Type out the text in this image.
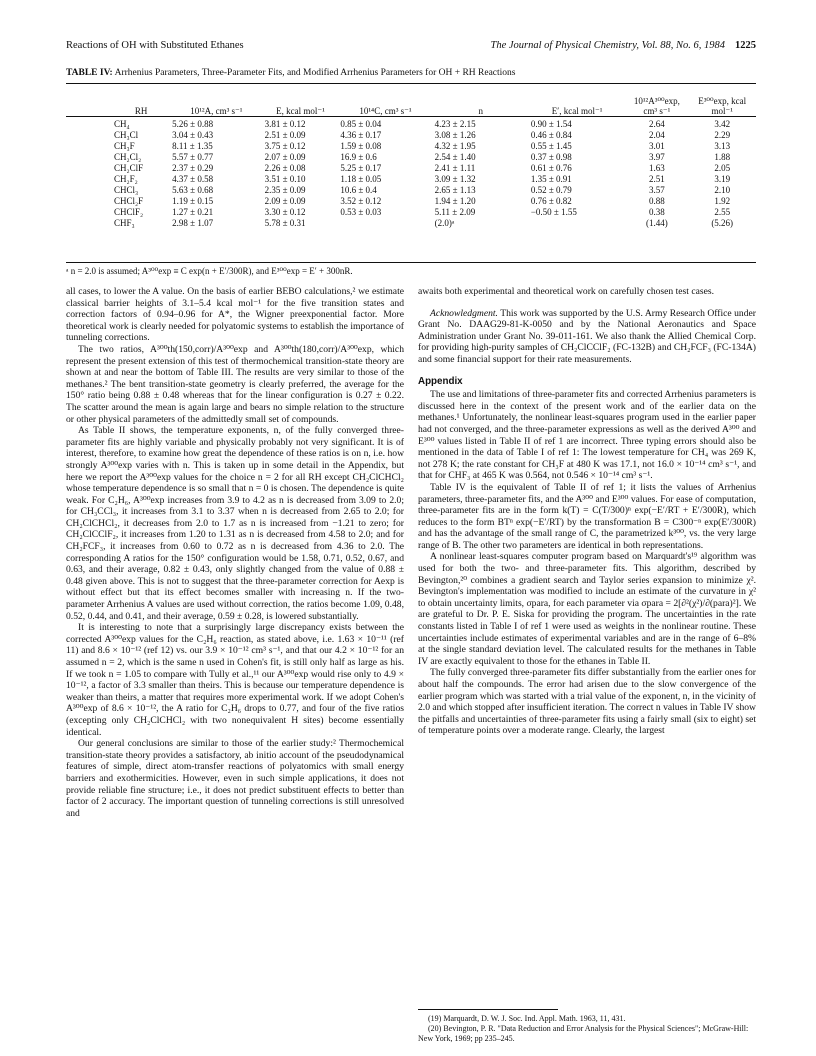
Reactions of OH with Substituted Ethanes	The Journal of Physical Chemistry, Vol. 88, No. 6, 1984 1225
TABLE IV: Arrhenius Parameters, Three-Parameter Fits, and Modified Arrhenius Parameters for OH + RH Reactions
RH	10¹²A, cm³ s⁻¹	E, kcal mol⁻¹	10¹⁴C, cm³ s⁻¹	n	E′, kcal mol⁻¹	10¹²A³⁰⁰exp, cm³ s⁻¹	E³⁰⁰exp, kcal mol⁻¹
CH₄	5.26 ± 0.88	3.81 ± 0.12	0.85 ± 0.04	4.23 ± 2.15	0.90 ± 1.54	2.64	3.42
CH₃Cl	3.04 ± 0.43	2.51 ± 0.09	4.36 ± 0.17	3.08 ± 1.26	0.46 ± 0.84	2.04	2.29
CH₃F	8.11 ± 1.35	3.75 ± 0.12	1.59 ± 0.08	4.32 ± 1.95	0.55 ± 1.45	3.01	3.13
CH₂Cl₂	5.57 ± 0.77	2.07 ± 0.09	16.9 ± 0.6	2.54 ± 1.40	0.37 ± 0.98	3.97	1.88
CH₂ClF	2.37 ± 0.29	2.26 ± 0.08	5.25 ± 0.17	2.41 ± 1.11	0.61 ± 0.76	1.63	2.05
CH₂F₂	4.37 ± 0.58	3.51 ± 0.10	1.18 ± 0.05	3.09 ± 1.32	1.35 ± 0.91	2.51	3.19
CHCl₃	5.63 ± 0.68	2.35 ± 0.09	10.6 ± 0.4	2.65 ± 1.13	0.52 ± 0.79	3.57	2.10
CHCl₂F	1.19 ± 0.15	2.09 ± 0.09	3.52 ± 0.12	1.94 ± 1.20	0.76 ± 0.82	0.88	1.92
CHClF₂	1.27 ± 0.21	3.30 ± 0.12	0.53 ± 0.03	5.11 ± 2.09	−0.50 ± 1.55	0.38	2.55
CHF₃	2.98 ± 1.07	5.78 ± 0.31		(2.0)ᵃ		(1.44)	(5.26)
ᵃ n = 2.0 is assumed; A³⁰⁰exp ≡ C exp(n + E′/300R), and E³⁰⁰exp = E′ + 300nR.

all cases, to lower the A value. On the basis of earlier BEBO calculations,² we estimate classical barrier heights of 3.1–5.4 kcal mol⁻¹ for the five transition states and correction factors of 0.94–0.96 for A*, the Wigner preexponential factor. More theoretical work is clearly needed for polyatomic systems to establish the importance of tunneling corrections.

The two ratios, A³⁰⁰th(150,corr)/A³⁰⁰exp and A³⁰⁰th(180,corr)/A³⁰⁰exp, which represent the present extension of this test of thermochemical transition-state theory are shown at and near the bottom of Table III. The results are very similar to those of the methanes.² The bent transition-state geometry is clearly preferred, the average for the 150° ratio being 0.88 ± 0.48 whereas that for the linear configuration is 0.27 ± 0.22. The scatter around the mean is again large and bears no simple relation to the structure or other physical parameters of the admittedly small set of compounds.

As Table II shows, the temperature exponents, n, of the fully converged three-parameter fits are highly variable and physically probably not very significant. It is of interest, therefore, to examine how great the dependence of these ratios is on n, i.e. how strongly A³⁰⁰exp varies with n. This is taken up in some detail in the Appendix, but here we report the A³⁰⁰exp values for the choice n = 2 for all RH except CH₂ClCHCl₂ whose temperature dependence is so small that n = 0 is chosen. The dependence is quite weak. For C₂H₆, A³⁰⁰exp increases from 3.9 to 4.2 as n is decreased from 3.09 to 2.0; for CH₃CCl₃, it increases from 3.1 to 3.37 when n is decreased from 2.65 to 2.0; for CH₂ClCHCl₂, it decreases from 2.0 to 1.7 as n is increased from −1.21 to zero; for CH₂ClCClF₂, it increases from 1.20 to 1.31 as n is decreased from 4.58 to 2.0; and for CH₂FCF₃, it increases from 0.60 to 0.72 as n is decreased from 4.36 to 2.0. The corresponding A ratios for the 150° configuration would be 1.58, 0.71, 0.52, 0.67, and 0.63, and their average, 0.82 ± 0.43, only slightly changed from the value of 0.88 ± 0.48 given above. This is not to suggest that the three-parameter correction for Aexp is without effect but that its effect becomes smaller with increasing n. If the two-parameter Arrhenius A values are used without correction, the ratios become 1.09, 0.48, 0.52, 0.44, and 0.41, and their average, 0.59 ± 0.28, is lowered substantially.

It is interesting to note that a surprisingly large discrepancy exists between the corrected A³⁰⁰exp values for the C₂H₆ reaction, as stated above, i.e. 1.63 × 10⁻¹¹ (ref 11) and 8.6 × 10⁻¹² (ref 12) vs. our 3.9 × 10⁻¹² cm³ s⁻¹, and that our 4.2 × 10⁻¹² for an assumed n = 2, which is the same n used in Cohen's fit, is still only half as large as his. If we took n = 1.05 to compare with Tully et al.,¹¹ our A³⁰⁰exp would rise only to 4.9 × 10⁻¹², a factor of 3.3 smaller than theirs. This is because our temperature dependence is weaker than theirs, a matter that requires more experimental work. If we adopt Cohen's A³⁰⁰exp of 8.6 × 10⁻¹², the A ratio for C₂H₆ drops to 0.77, and four of the five ratios (excepting only CH₂ClCHCl₂ with two nonequivalent H sites) become essentially identical.

Our general conclusions are similar to those of the earlier study:² Thermochemical transition-state theory provides a satisfactory, ab initio account of the pseudodynamical features of simple, direct atom-transfer reactions of polyatomics with small energy barriers and exothermicities. However, even in such simple applications, it does not provide reliable fine structure; i.e., it does not predict substituent effects to better than factor of 2 accuracy. The important question of tunneling corrections is still unresolved and

awaits both experimental and theoretical work on carefully chosen test cases.

Acknowledgment. This work was supported by the U.S. Army Research Office under Grant No. DAAG29-81-K-0050 and by the National Aeronautics and Space Administration under Grant No. 39-011-161. We also thank the Allied Chemical Corp. for providing high-purity samples of CH₂ClCClF₂ (FC-132B) and CH₂FCF₃ (FC-134A) and some financial support for their rate measurements.

Appendix

The use and limitations of three-parameter fits and corrected Arrhenius parameters is discussed here in the context of the present work and of the earlier data on the methanes.¹ Unfortunately, the nonlinear least-squares program used in the earlier paper had not converged, and the three-parameter expressions as well as the derived A³⁰⁰ and E³⁰⁰ values listed in Table II of ref 1 are incorrect. Three typing errors should also be mentioned in the data of Table I of ref 1: The lowest temperature for CH₄ was 269 K, not 278 K; the rate constant for CH₃F at 480 K was 17.1, not 16.0 × 10⁻¹⁴ cm³ s⁻¹, and that for CHF₃ at 465 K was 0.564, not 0.546 × 10⁻¹⁴ cm³ s⁻¹.

Table IV is the equivalent of Table II of ref 1; it lists the values of Arrhenius parameters, three-parameter fits, and the A³⁰⁰ and E³⁰⁰ values. For ease of computation, three-parameter fits are in the form k(T) = C(T/300)ⁿ exp(−E′/RT + E′/300R), which reduces to the form BTⁿ exp(−E′/RT) by the transformation B = C300⁻ⁿ exp(E′/300R) and has the advantage of the small range of C, the parametrized k³⁰⁰, vs. the very large range of B. The other two parameters are identical in both representations.

A nonlinear least-squares computer program based on Marquardt's¹⁹ algorithm was used for both the two- and three-parameter fits. This algorithm, described by Bevington,²⁰ combines a gradient search and Taylor series expansion to minimize χ². Bevington's implementation was modified to include an estimate of the curvature in χ² to obtain uncertainty limits, σpara, for each parameter via σpara = 2[∂²(χ²)/∂(para)²]. We are grateful to Dr. P. E. Siska for providing the program. The uncertainties in the rate constants listed in Table I of ref 1 were used as weights in the nonlinear routine. These uncertainties include estimates of experimental variables and are in the range of 6–8% at the single standard deviation level. The calculated results for the methanes in Table IV are exactly equivalent to those for the ethanes in Table II.

The fully converged three-parameter fits differ substantially from the earlier ones for about half the compounds. The error had arisen due to the slow convergence of the earlier program which was started with a trial value of the exponent, n, in the vicinity of 2.0 and which stopped after insufficient iteration. The correct n values in Table IV show the pitfalls and uncertainties of three-parameter fits using a fairly small (six to eight) set of temperature points over a moderate range. Clearly, the largest

(19) Marquardt, D. W. J. Soc. Ind. Appl. Math. 1963, 11, 431.

(20) Bevington, P. R. "Data Reduction and Error Analysis for the Physical Sciences"; McGraw-Hill: New York, 1969; pp 235–245.
